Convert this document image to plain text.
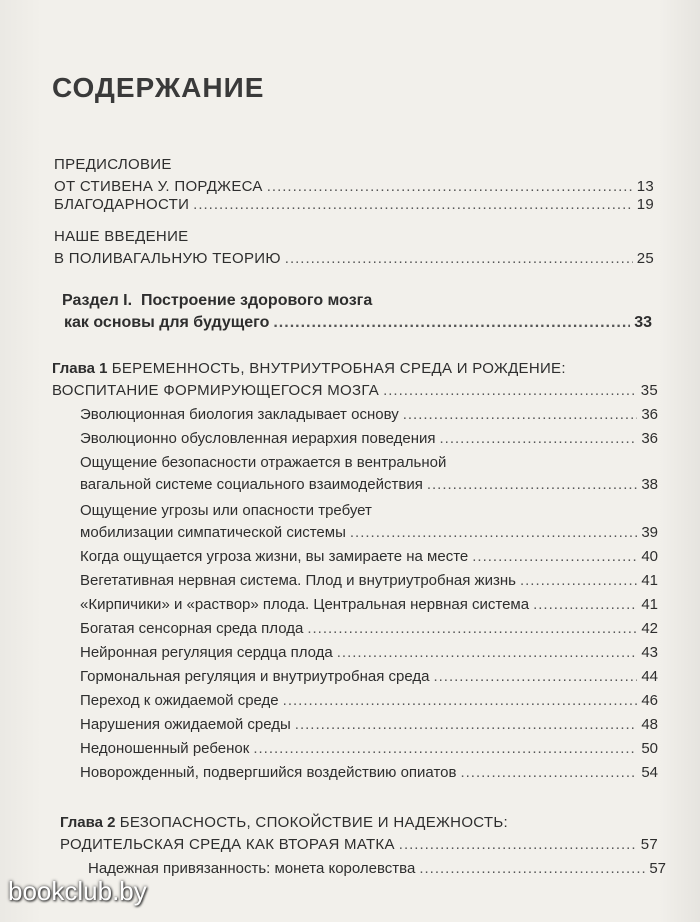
СОДЕРЖАНИЕ
ПРЕДИСЛОВИЕ
ОТ СТИВЕНА У. ПОРДЖЕСА .....	13
БЛАГОДАРНОСТИ .....	19
НАШЕ ВВЕДЕНИЕ
В ПОЛИВАГАЛЬНУЮ ТЕОРИЮ .....	25
Раздел I.  Построение здорового мозга
как основы для будущего .....	33
Глава 1 БЕРЕМЕННОСТЬ, ВНУТРИУТРОБНАЯ СРЕДА И РОЖДЕНИЕ:
ВОСПИТАНИЕ ФОРМИРУЮЩЕГОСЯ МОЗГА .....	35
Эволюционная биология закладывает основу .....	36
Эволюционно обусловленная иерархия поведения .....	36
Ощущение безопасности отражается в вентральной
вагальной системе социального взаимодействия .....	38
Ощущение угрозы или опасности требует
мобилизации симпатической системы .....	39
Когда ощущается угроза жизни, вы замираете на месте .....	40
Вегетативная нервная система. Плод и внутриутробная жизнь .....	41
«Кирпичики» и «раствор» плода. Центральная нервная система .....	41
Богатая сенсорная среда плода .....	42
Нейронная регуляция сердца плода .....	43
Гормональная регуляция и внутриутробная среда .....	44
Переход к ожидаемой среде .....	46
Нарушения ожидаемой среды .....	48
Недоношенный ребенок .....	50
Новорожденный, подвергшийся воздействию опиатов .....	54
Глава 2 БЕЗОПАСНОСТЬ, СПОКОЙСТВИЕ И НАДЕЖНОСТЬ:
РОДИТЕЛЬСКАЯ СРЕДА КАК ВТОРАЯ МАТКА .....	57
Надежная привязанность: монета королевства .....	57
bookclub.by
